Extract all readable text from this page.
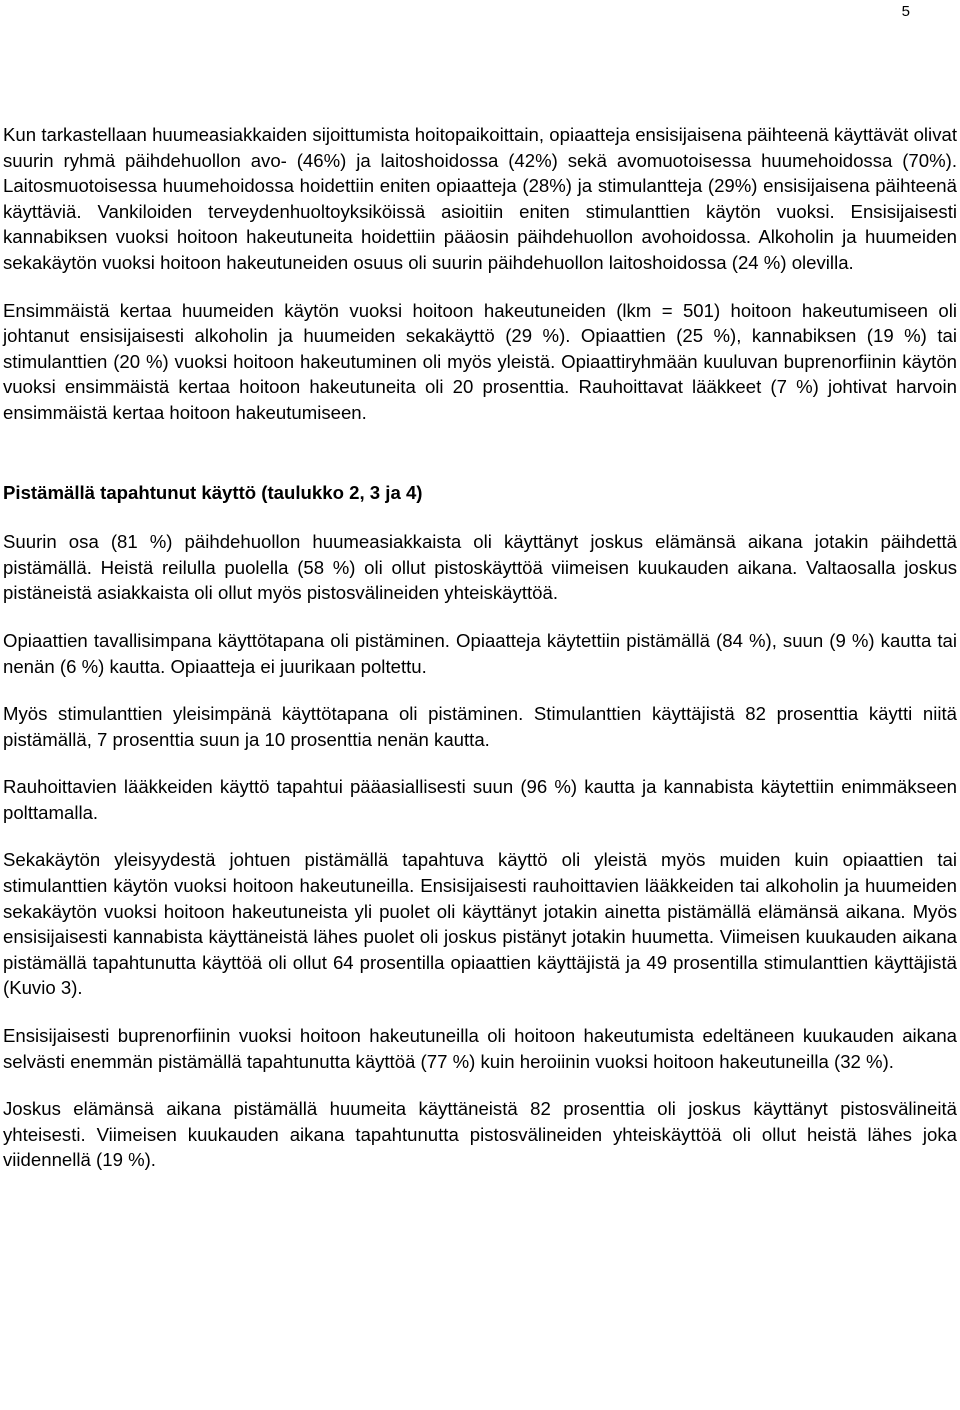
5

Kun tarkastellaan huumeasiakkaiden sijoittumista hoitopaikoittain, opiaatteja ensisijaisena päihteenä käyttävät olivat suurin ryhmä päihdehuollon avo- (46%) ja laitoshoidossa (42%) sekä avomuotoisessa huumehoidossa (70%). Laitosmuotoisessa huumehoidossa hoidettiin eniten opiaatteja (28%) ja stimulantteja (29%) ensisijaisena päihteenä käyttäviä. Vankiloiden terveydenhuoltoyksiköissä asioitiin eniten stimulanttien käytön vuoksi. Ensisijaisesti kannabiksen vuoksi hoitoon hakeutuneita hoidettiin pääosin päihdehuollon avohoidossa. Alkoholin ja huumeiden sekakäytön vuoksi hoitoon hakeutuneiden osuus oli suurin päihdehuollon laitoshoidossa (24 %) olevilla.

Ensimmäistä kertaa huumeiden käytön vuoksi hoitoon hakeutuneiden (lkm = 501) hoitoon hakeutumiseen oli johtanut ensisijaisesti alkoholin ja huumeiden sekakäyttö (29 %). Opiaattien (25 %), kannabiksen (19 %) tai stimulanttien (20 %) vuoksi hoitoon hakeutuminen oli myös yleistä. Opiaattiryhmään kuuluvan buprenorfiinin käytön vuoksi ensimmäistä kertaa hoitoon hakeutuneita oli 20 prosenttia. Rauhoittavat lääkkeet (7 %) johtivat harvoin ensimmäistä kertaa hoitoon hakeutumiseen.

Pistämällä tapahtunut käyttö (taulukko 2, 3 ja 4)

Suurin osa (81 %) päihdehuollon huumeasiakkaista oli käyttänyt joskus elämänsä aikana jotakin päihdettä pistämällä. Heistä reilulla puolella (58 %) oli ollut pistoskäyttöä viimeisen kuukauden aikana. Valtaosalla joskus pistäneistä asiakkaista oli ollut myös pistosvälineiden yhteiskäyttöä.

Opiaattien tavallisimpana käyttötapana oli pistäminen. Opiaatteja käytettiin pistämällä (84 %), suun (9 %) kautta tai nenän (6 %) kautta. Opiaatteja ei juurikaan poltettu.

Myös stimulanttien yleisimpänä käyttötapana oli pistäminen. Stimulanttien käyttäjistä 82 prosenttia käytti niitä pistämällä, 7 prosenttia suun ja 10 prosenttia nenän kautta.

Rauhoittavien lääkkeiden käyttö tapahtui pääasiallisesti suun (96 %) kautta ja kannabista käytettiin enimmäkseen polttamalla.

Sekakäytön yleisyydestä johtuen pistämällä tapahtuva käyttö oli yleistä myös muiden kuin opiaattien tai stimulanttien käytön vuoksi hoitoon hakeutuneilla. Ensisijaisesti rauhoittavien lääkkeiden tai alkoholin ja huumeiden sekakäytön vuoksi hoitoon hakeutuneista yli puolet oli käyttänyt jotakin ainetta pistämällä elämänsä aikana. Myös ensisijaisesti kannabista käyttäneistä lähes puolet oli joskus pistänyt jotakin huumetta. Viimeisen kuukauden aikana pistämällä tapahtunutta käyttöä oli ollut 64 prosentilla opiaattien käyttäjistä ja 49 prosentilla stimulanttien käyttäjistä (Kuvio 3).

Ensisijaisesti buprenorfiinin vuoksi hoitoon hakeutuneilla oli hoitoon hakeutumista edeltäneen kuukauden aikana selvästi enemmän pistämällä tapahtunutta käyttöä (77 %) kuin heroiinin vuoksi hoitoon hakeutuneilla (32 %).

Joskus elämänsä aikana pistämällä huumeita käyttäneistä 82 prosenttia oli joskus käyttänyt pistosvälineitä yhteisesti. Viimeisen kuukauden aikana tapahtunutta pistosvälineiden yhteiskäyttöä oli ollut heistä lähes joka viidennellä (19 %).
